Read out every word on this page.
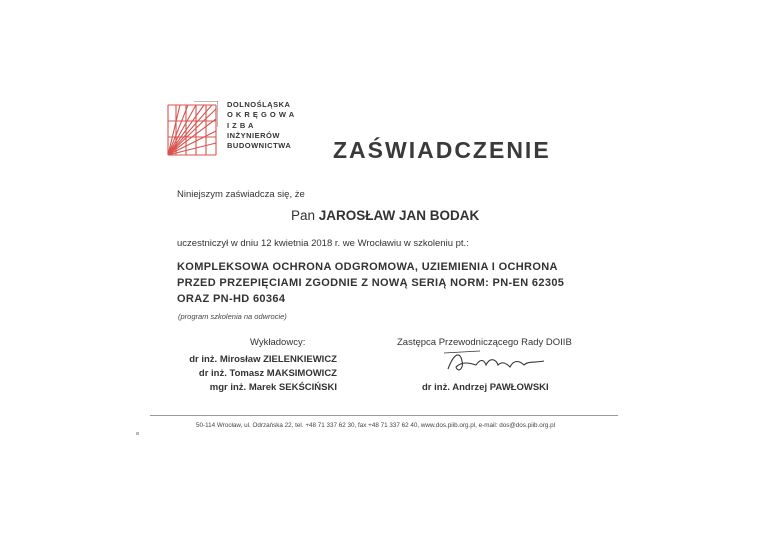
DOLNOŚLĄSKA
O K R Ę G O W A
I Z B A
INŻYNIERÓW
BUDOWNICTWA ZAŚWIADCZENIE
Niniejszym zaświadcza się, że
Pan JAROSŁAW JAN BODAK
uczestniczył w dniu 12 kwietnia 2018 r. we Wrocławiu w szkoleniu pt.:
KOMPLEKSOWA OCHRONA ODGROMOWA, UZIEMIENIA I OCHRONA
PRZED PRZEPIĘCIAMI ZGODNIE Z NOWĄ SERIĄ NORM: PN-EN 62305
ORAZ PN-HD 60364
(program szkolenia na odwrocie)
Wykładowcy:
dr inż. Mirosław ZIELENKIEWICZ
dr inż. Tomasz MAKSIMOWICZ
mgr inż. Marek SEKŚCIŃSKI
Zastępca Przewodniczącego Rady DOIIB
dr inż. Andrzej PAWŁOWSKI
50-114 Wrocław, ul. Odrzańska 22, tel. +48 71 337 62 30, fax +48 71 337 62 40, www.dos.piib.org.pl, e-mail: dos@dos.piib.org.pl
